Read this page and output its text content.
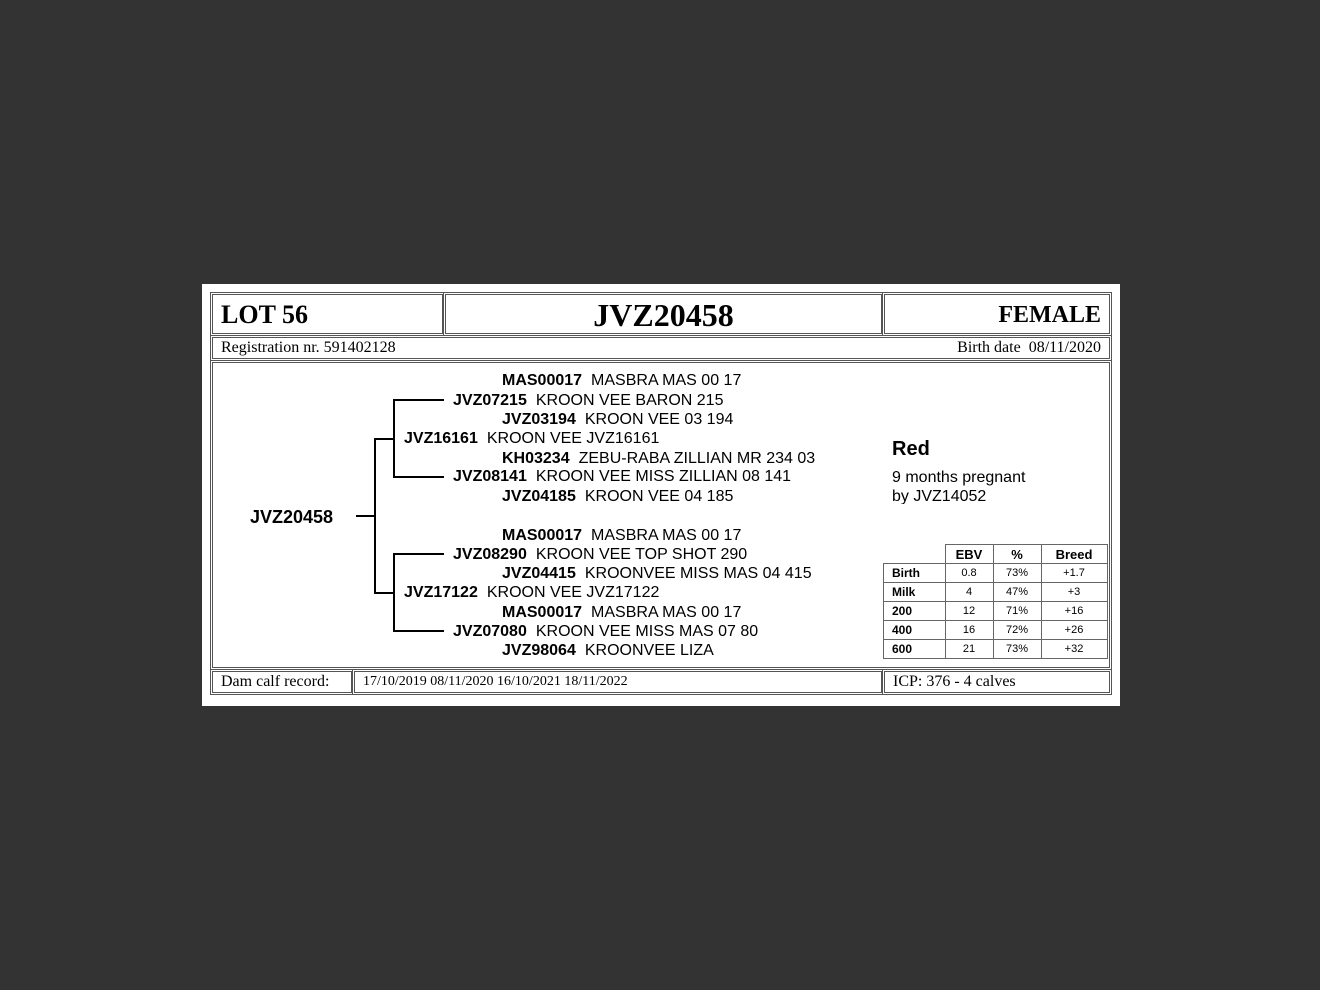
LOT 56	JVZ20458	FEMALE
Registration nr. 591402128	Birth date  08/11/2020
JVZ20458
MAS00017 MASBRA MAS 00 17
JVZ07215 KROON VEE BARON 215
JVZ03194 KROON VEE 03 194
JVZ16161 KROON VEE JVZ16161
KH03234 ZEBU-RABA ZILLIAN MR 234 03
JVZ08141 KROON VEE MISS ZILLIAN 08 141
JVZ04185 KROON VEE 04 185
MAS00017 MASBRA MAS 00 17
JVZ08290 KROON VEE TOP SHOT 290
JVZ04415 KROONVEE MISS MAS 04 415
JVZ17122 KROON VEE JVZ17122
MAS00017 MASBRA MAS 00 17
JVZ07080 KROON VEE MISS MAS 07 80
JVZ98064 KROONVEE LIZA
Red
9 months pregnant
by JVZ14052
	EBV	%	Breed
Birth	0.8	73%	+1.7
Milk	4	47%	+3
200	12	71%	+16
400	16	72%	+26
600	21	73%	+32
Dam calf record: 17/10/2019 08/11/2020 16/10/2021 18/11/2022	ICP: 376 - 4 calves
